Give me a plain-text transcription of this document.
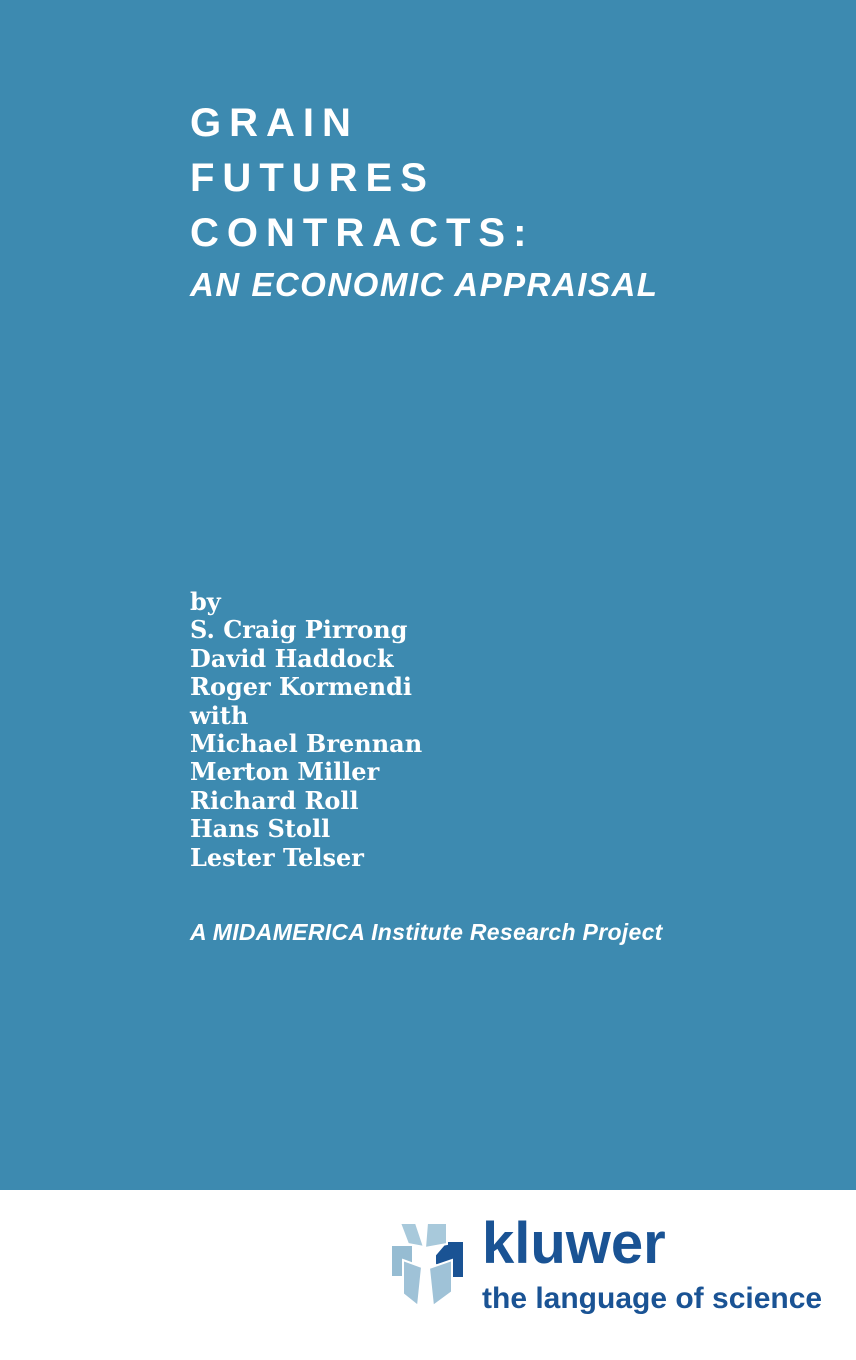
GRAIN
FUTURES
CONTRACTS:
AN ECONOMIC APPRAISAL
by
S. Craig Pirrong
David Haddock
Roger Kormendi
with
Michael Brennan
Merton Miller
Richard Roll
Hans Stoll
Lester Telser
A MIDAMERICA Institute Research Project
kluwer
the language of science
